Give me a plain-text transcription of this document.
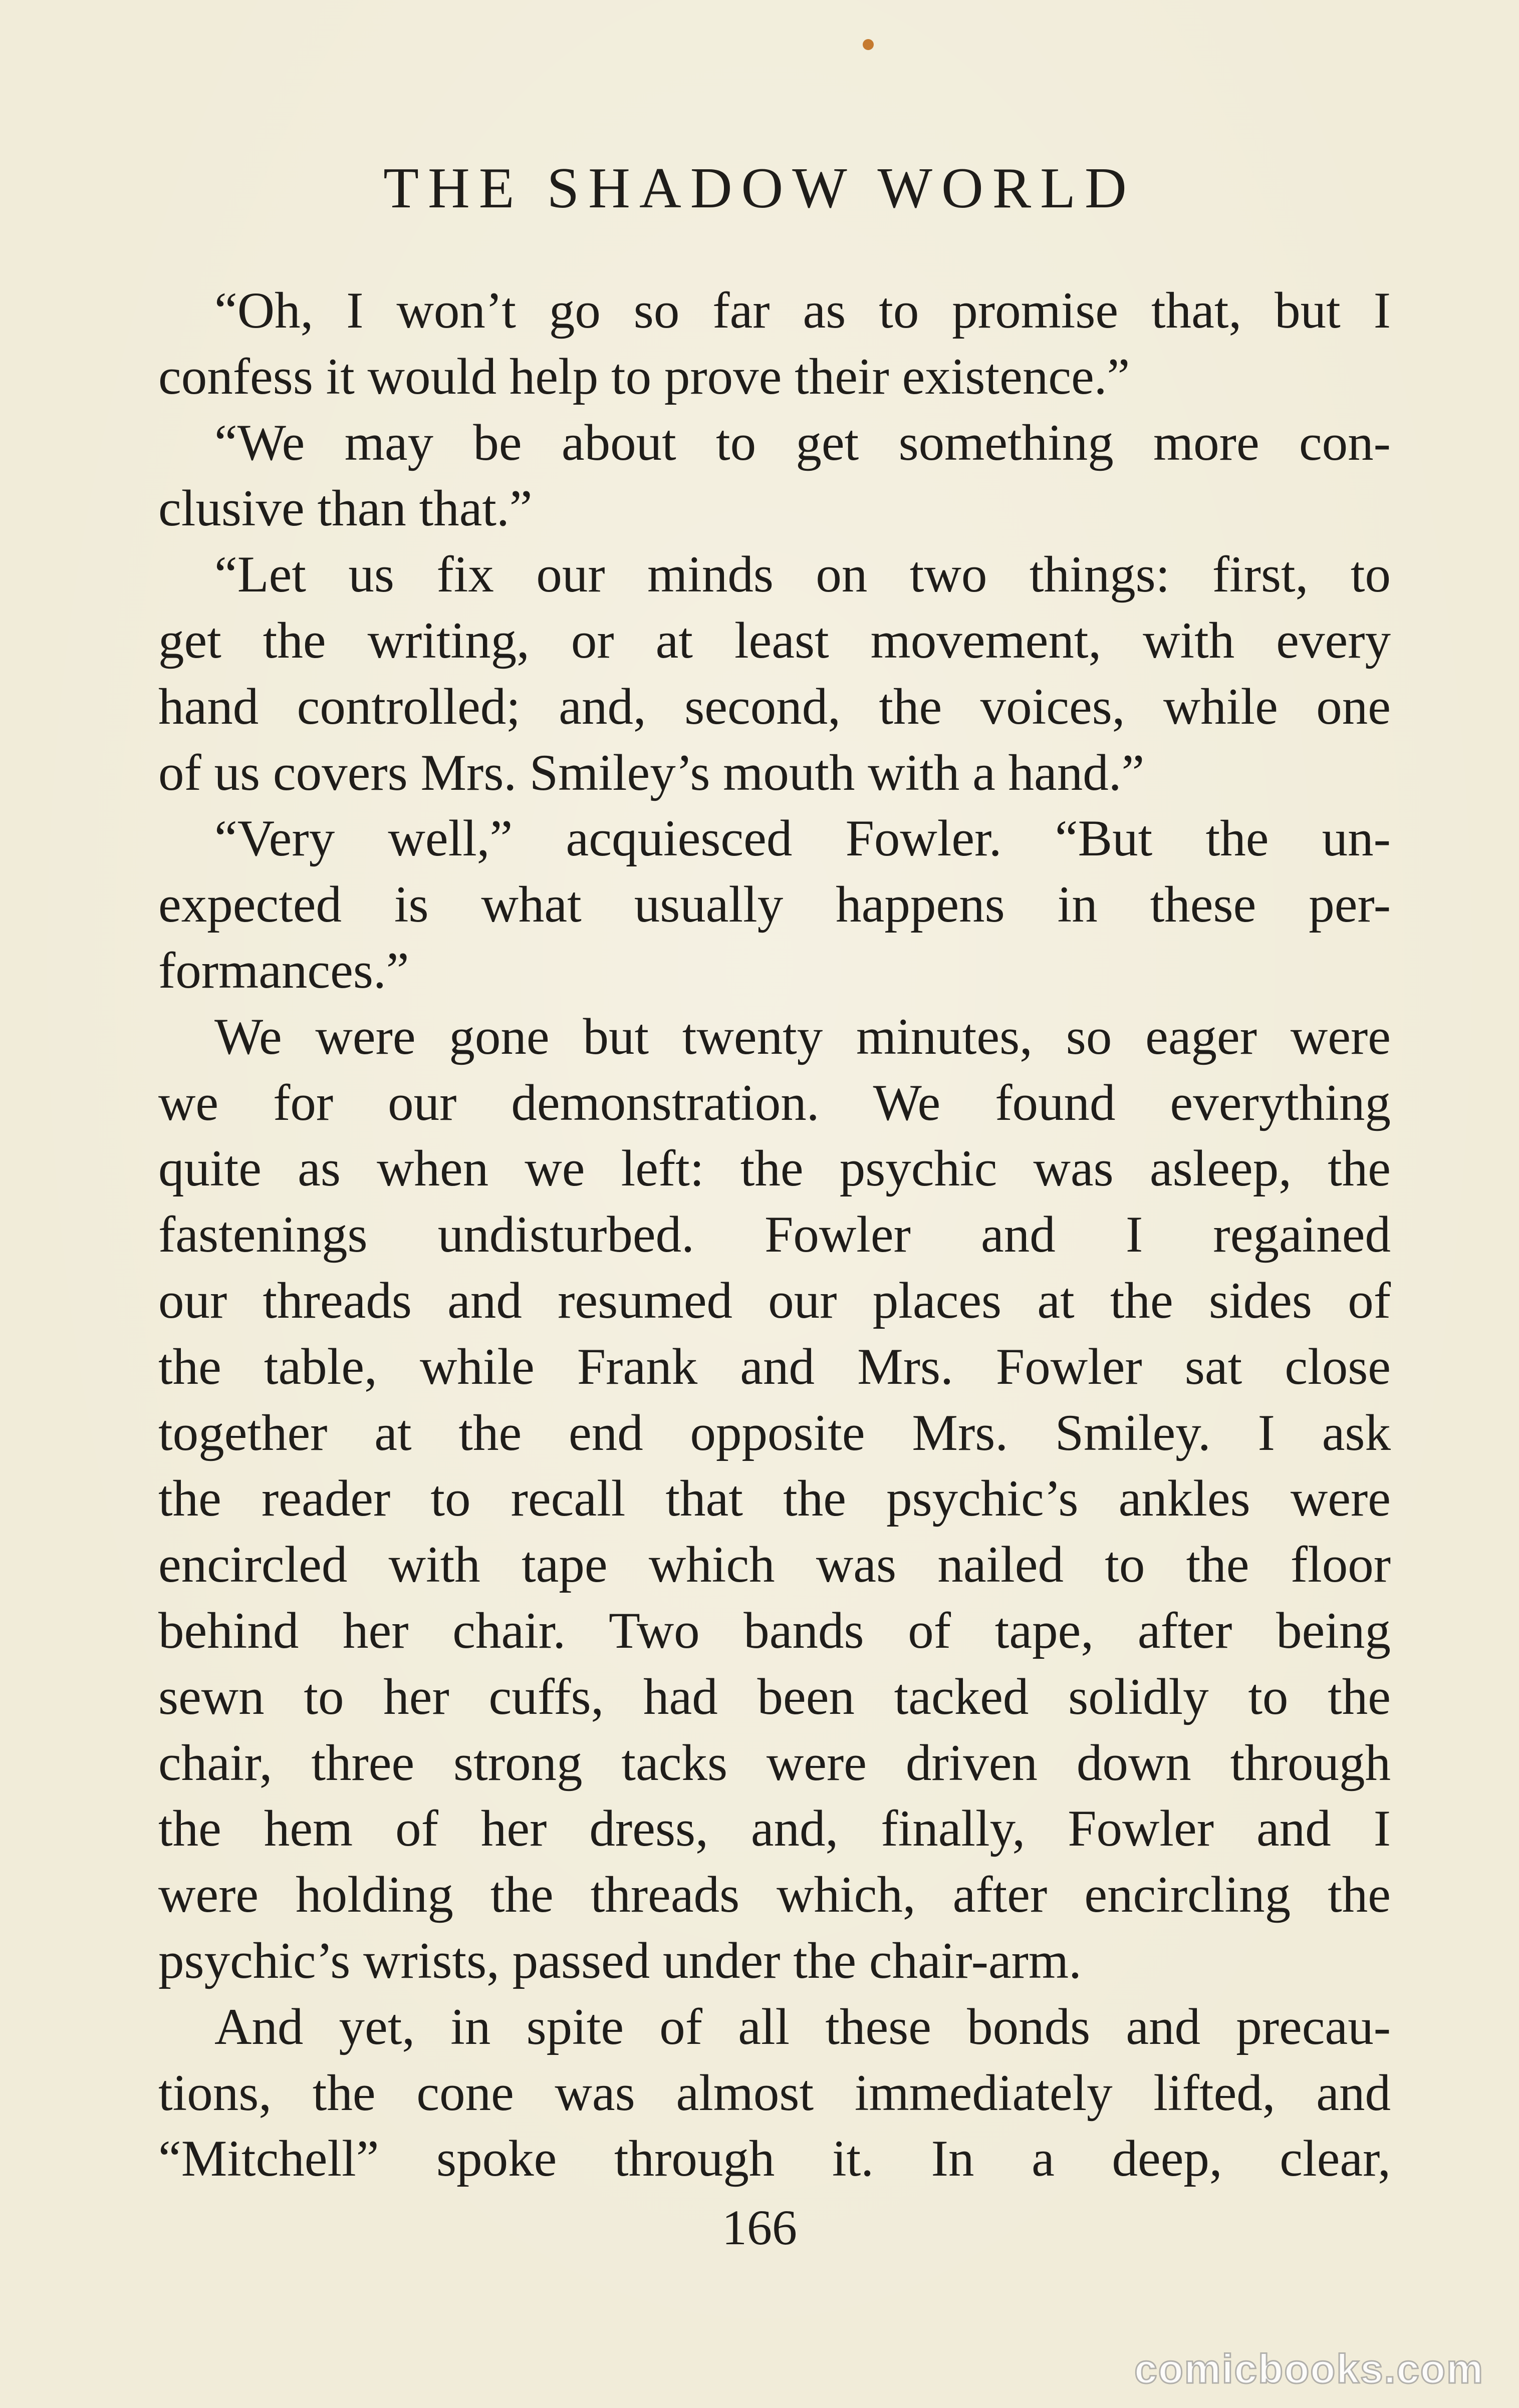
THE SHADOW WORLD
“Oh, I won’t go so far as to promise that, but I
confess it would help to prove their existence.”
“We may be about to get something more con-
clusive than that.”
“Let us fix our minds on two things: first, to
get the writing, or at least movement, with every
hand controlled; and, second, the voices, while one
of us covers Mrs. Smiley’s mouth with a hand.”
“Very well,” acquiesced Fowler. “But the un-
expected is what usually happens in these per-
formances.”
We were gone but twenty minutes, so eager were
we for our demonstration. We found everything
quite as when we left: the psychic was asleep, the
fastenings undisturbed. Fowler and I regained
our threads and resumed our places at the sides of
the table, while Frank and Mrs. Fowler sat close
together at the end opposite Mrs. Smiley. I ask
the reader to recall that the psychic’s ankles were
encircled with tape which was nailed to the floor
behind her chair. Two bands of tape, after being
sewn to her cuffs, had been tacked solidly to the
chair, three strong tacks were driven down through
the hem of her dress, and, finally, Fowler and I
were holding the threads which, after encircling the
psychic’s wrists, passed under the chair-arm.
And yet, in spite of all these bonds and precau-
tions, the cone was almost immediately lifted, and
“Mitchell” spoke through it. In a deep, clear,
166
comicbooks.com
